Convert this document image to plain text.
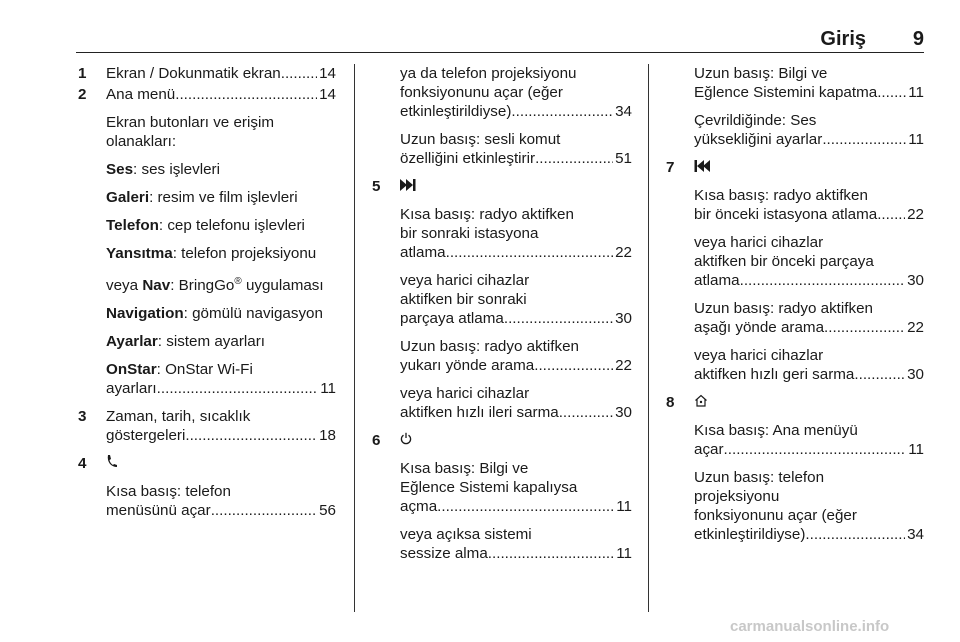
Giriş 9
1 Ekran / Dokunmatik ekran .....	14
2 Ana menü .....	14
Ekran butonları ve erişim
olanakları:
Ses: ses işlevleri
Galeri: resim ve film işlevleri
Telefon: cep telefonu işlevleri
Yansıtma: telefon projeksiyonu
veya Nav: BringGo® uygulaması
Navigation: gömülü navigasyon
Ayarlar: sistem ayarları
OnStar: OnStar Wi-Fi
ayarları .....	11
3 Zaman, tarih, sıcaklık
göstergeleri .....	18
4
Kısa basış: telefon
menüsünü açar .....	56
ya da telefon projeksiyonu
fonksiyonunu açar (eğer
etkinleştirildiyse) .....	34
Uzun basış: sesli komut
özelliğini etkinleştirir .....	51
5
Kısa basış: radyo aktifken
bir sonraki istasyona
atlama .....	22
veya harici cihazlar
aktifken bir sonraki
parçaya atlama .....	30
Uzun basış: radyo aktifken
yukarı yönde arama .....	22
veya harici cihazlar
aktifken hızlı ileri sarma .....	30
6
Kısa basış: Bilgi ve
Eğlence Sistemi kapalıysa
açma .....	11
veya açıksa sistemi
sessize alma .....	11
Uzun basış: Bilgi ve
Eğlence Sistemini kapatma ..... 11
Çevrildiğinde: Ses
yüksekliğini ayarlar .....	11
7
Kısa basış: radyo aktifken
bir önceki istasyona atlama ..... 22
veya harici cihazlar
aktifken bir önceki parçaya
atlama .....	30
Uzun basış: radyo aktifken
aşağı yönde arama .....	22
veya harici cihazlar
aktifken hızlı geri sarma .....	30
8
Kısa basış: Ana menüyü
açar .....	11
Uzun basış: telefon
projeksiyonu
fonksiyonunu açar (eğer
etkinleştirildiyse) .....	34
carmanualsonline.info
